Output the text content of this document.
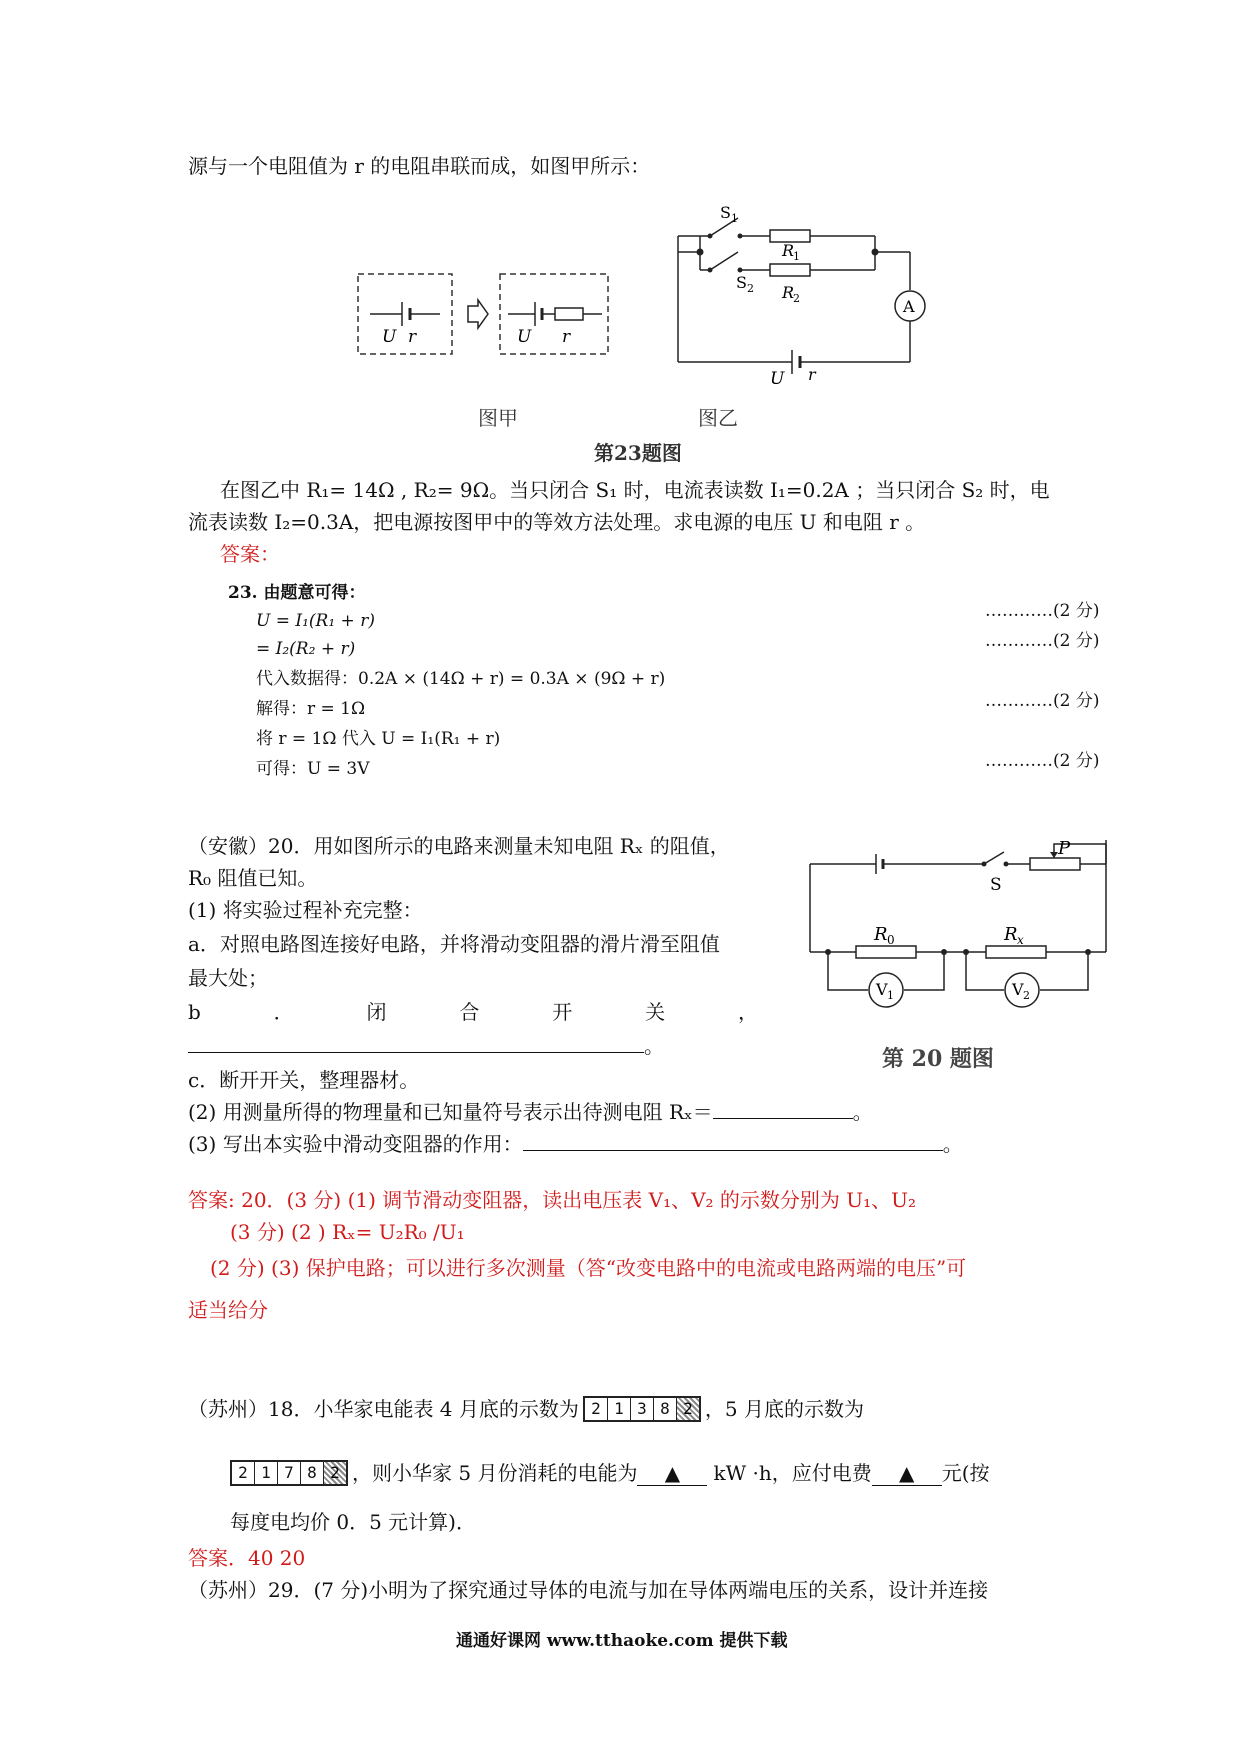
源与一个电阻值为 r 的电阻串联而成，如图甲所示：
U r	U r
A
U r
S 1
S 2
R
1
R
2
图甲	图乙
第23题图
在图乙中 R₁= 14Ω , R₂= 9Ω。当只闭合 S₁ 时，电流表读数 I₁=0.2A ；当只闭合 S₂ 时，电
流表读数 I₂=0.3A，把电源按图甲中的等效方法处理。求电源的电压 U 和电阻 r 。
答案：
23. 由题意可得：
U = I₁(R₁ + r)	…………(2 分)
= I₂(R₂ + r)	…………(2 分)
代入数据得：0.2A × (14Ω + r) = 0.3A × (9Ω + r)
解得：r = 1Ω	…………(2 分)
将 r = 1Ω 代入 U = I₁(R₁ + r)
可得：U = 3V	…………(2 分)
（安徽）20．用如图所示的电路来测量未知电阻 Rₓ 的阻值，
R₀ 阻值已知。
(1) 将实验过程补充完整：
a．对照电路图连接好电路，并将滑动变阻器的滑片滑至阻值
最大处；
b	．	闭	合	开	关	，
。
c．断开开关，整理器材。
(2) 用测量所得的物理量和已知量符号表示出待测电阻 Rₓ＝	。
(3) 写出本实验中滑动变阻器的作用：	。
P
S
R 0	R x
V 1	V 2
第 20 题图
答案: 20．(3 分) (1) 调节滑动变阻器，读出电压表 V₁、V₂ 的示数分别为 U₁、U₂
(3 分) (2 ) Rₓ= U₂R₀ /U₁
(2 分) (3) 保护电路；可以进行多次测量（答“改变电路中的电流或电路两端的电压”可
适当给分
（苏州）18．小华家电能表 4 月底的示数为 2 1 3 8 2 ，5 月底的示数为
2 1 7 8 2 ，则小华家 5 月份消耗的电能为	▲	kW ·h，应付电费	▲	元(按
每度电均价 0．5 元计算)．
答案．40 20
（苏州）29．(7 分)小明为了探究通过导体的电流与加在导体两端电压的关系，设计并连接
通通好课网 www.tthaoke.com 提供下载
